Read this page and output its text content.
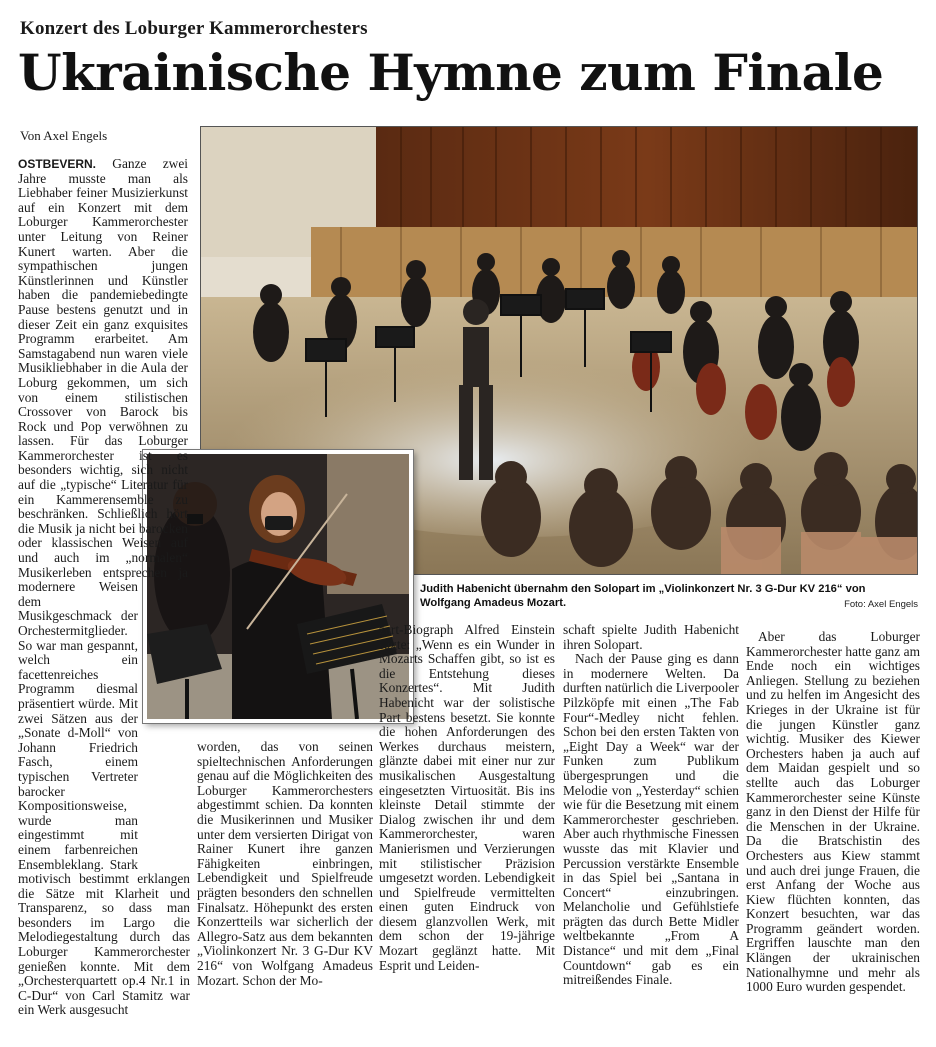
Konzert des Loburger Kammerorchesters
Ukrainische Hymne zum Finale
Von Axel Engels
Judith Habenicht übernahm den Solopart im „Violinkonzert Nr. 3 G-Dur KV 216“ von Wolfgang Amadeus Mozart.	Foto: Axel Engels

OSTBEVERN. Ganze zwei Jahre musste man als Liebhaber feiner Musizierkunst auf ein Konzert mit dem Loburger Kammerorchester unter Leitung von Reiner Kunert warten. Aber die sympathischen jungen Künstlerinnen und Künstler haben die pandemiebedingte Pause bestens genutzt und in dieser Zeit ein ganz exquisites Programm erarbeitet. Am Samstagabend nun waren viele Musikliebhaber in die Aula der Loburg gekommen, um sich von einem stilistischen Crossover von Barock bis Rock und Pop verwöhnen zu lassen. Für das Loburger Kammerorchester ist es besonders wichtig, sich nicht auf die „typische“ Literatur für ein Kammerensemble zu beschränken. Schließlich hört die Musik ja nicht bei barocken oder klassischen Weisen auf und auch im „normalen“ Musikerleben entsprechen ja modernere Weisen dem Musikgeschmack der Orchestermitglieder. So war man gespannt, welch ein facettenreiches Programm diesmal präsentiert würde. Mit zwei Sätzen aus der „Sonate d-Moll“ von Johann Friedrich Fasch, einem typischen Vertreter barocker Kompositionsweise, wurde man eingestimmt mit einem farbenreichen Ensembleklang. Stark motivisch bestimmt erklangen die Sätze mit Klarheit und Transparenz, so dass man besonders im Largo die Melodiegestaltung durch das Loburger Kammerorchester genießen konnte. Mit dem „Orchesterquartett op.4 Nr.1 in C-Dur“ von Carl Stamitz war ein Werk ausgesucht

worden, das von seinen spieltechnischen Anforderungen genau auf die Möglichkeiten des Loburger Kammerorchesters abgestimmt schien. Da konnten die Musikerinnen und Musiker unter dem versierten Dirigat von Rainer Kunert ihre ganzen Fähigkeiten einbringen, Lebendigkeit und Spielfreude prägten besonders den schnellen Finalsatz. Höhepunkt des ersten Konzertteils war sicherlich der Allegro-Satz aus dem bekannten „Violinkonzert Nr. 3 G-Dur KV 216“ von Wolfgang Amadeus Mozart. Schon der Mo-

zart-Biograph Alfred Einstein sagte: „Wenn es ein Wunder in Mozarts Schaffen gibt, so ist es die Entstehung dieses Konzertes“. Mit Judith Habenicht war der solistische Part bestens besetzt. Sie konnte die hohen Anforderungen des Werkes durchaus meistern, glänzte dabei mit einer nur zur musikalischen Ausgestaltung eingesetzten Virtuosität. Bis ins kleinste Detail stimmte der Dialog zwischen ihr und dem Kammerorchester, waren Manierismen und Verzierungen mit stilistischer Präzision umgesetzt worden. Lebendigkeit und Spielfreude vermittelten einen guten Eindruck von diesem glanzvollen Werk, mit dem schon der 19-jährige Mozart geglänzt hatte. Mit Esprit und Leiden-

schaft spielte Judith Habenicht ihren Solopart.

Nach der Pause ging es dann in modernere Welten. Da durften natürlich die Liverpooler Pilzköpfe mit einen „The Fab Four“-Medley nicht fehlen. Schon bei den ersten Takten von „Eight Day a Week“ war der Funken zum Publikum übergesprungen und die Melodie von „Yesterday“ schien wie für die Besetzung mit einem Kammerorchester geschrieben. Aber auch rhythmische Finessen wusste das mit Klavier und Percussion verstärkte Ensemble in das Spiel bei „Santana in Concert“ einzubringen. Melancholie und Gefühlstiefe prägten das durch Bette Midler weltbekannte „From A Distance“ und mit dem „Final Countdown“ gab es ein mitreißendes Finale.

Aber das Loburger Kammerorchester hatte ganz am Ende noch ein wichtiges Anliegen. Stellung zu beziehen und zu helfen im Angesicht des Krieges in der Ukraine ist für die jungen Künstler ganz wichtig. Musiker des Kiewer Orchesters haben ja auch auf dem Maidan gespielt und so stellte auch das Loburger Kammerorchester seine Künste ganz in den Dienst der Hilfe für die Menschen in der Ukraine. Da die Bratschistin des Orchesters aus Kiew stammt und auch drei junge Frauen, die erst Anfang der Woche aus Kiew flüchten konnten, das Konzert besuchten, war das Programm geändert worden. Ergriffen lauschte man den Klängen der ukrainischen Nationalhymne und mehr als 1000 Euro wurden gespendet.
